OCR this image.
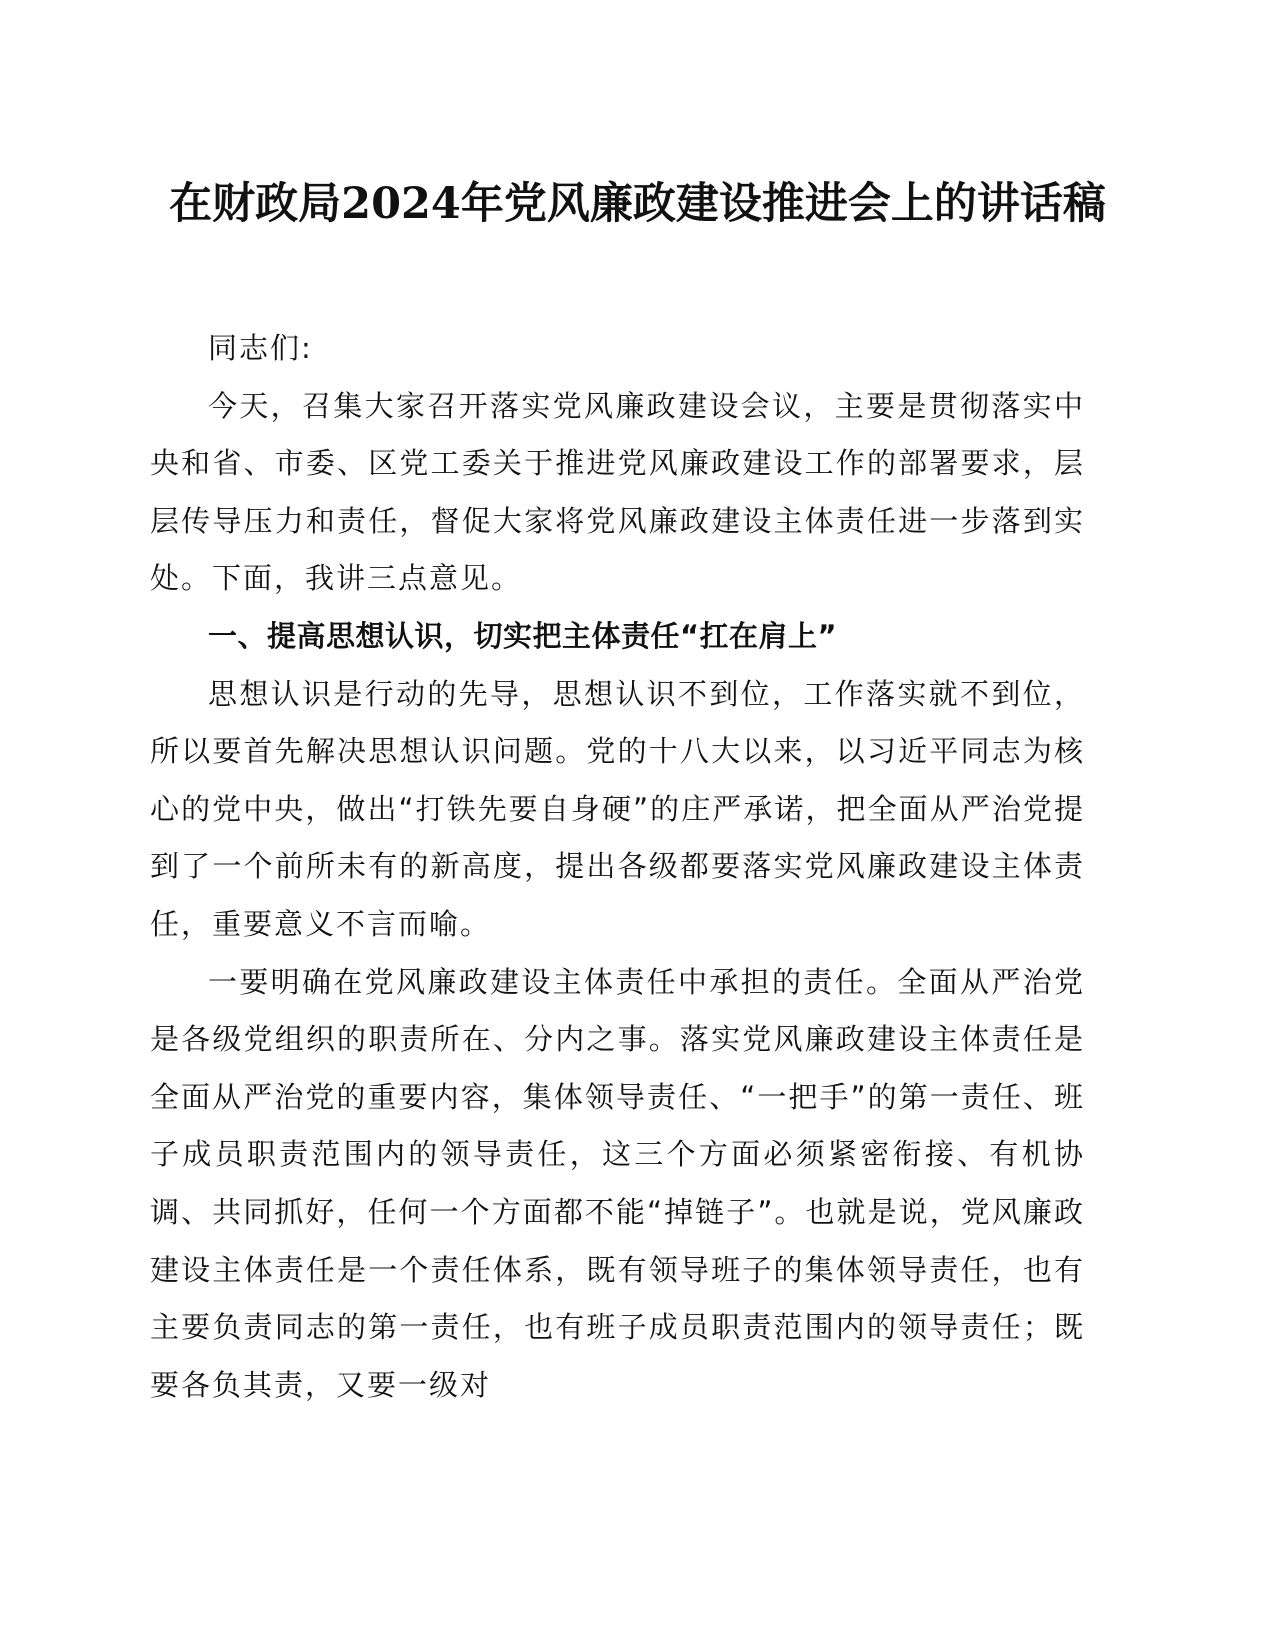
在财政局2024年党风廉政建设推进会上的讲话稿

同志们:

今天，召集大家召开落实党风廉政建设会议，主要是贯彻落实中央和省、市委、区党工委关于推进党风廉政建设工作的部署要求，层层传导压力和责任，督促大家将党风廉政建设主体责任进一步落到实处。下面，我讲三点意见。

一、提高思想认识，切实把主体责任“扛在肩上”

思想认识是行动的先导，思想认识不到位，工作落实就不到位，所以要首先解决思想认识问题。党的十八大以来，以习近平同志为核心的党中央，做出“打铁先要自身硬”的庄严承诺，把全面从严治党提到了一个前所未有的新高度，提出各级都要落实党风廉政建设主体责任，重要意义不言而喻。

一要明确在党风廉政建设主体责任中承担的责任。全面从严治党是各级党组织的职责所在、分内之事。落实党风廉政建设主体责任是全面从严治党的重要内容，集体领导责任、“一把手”的第一责任、班子成员职责范围内的领导责任，这三个方面必须紧密衔接、有机协调、共同抓好，任何一个方面都不能“掉链子”。也就是说，党风廉政建设主体责任是一个责任体系，既有领导班子的集体领导责任，也有主要负责同志的第一责任，也有班子成员职责范围内的领导责任；既要各负其责，又要一级对
